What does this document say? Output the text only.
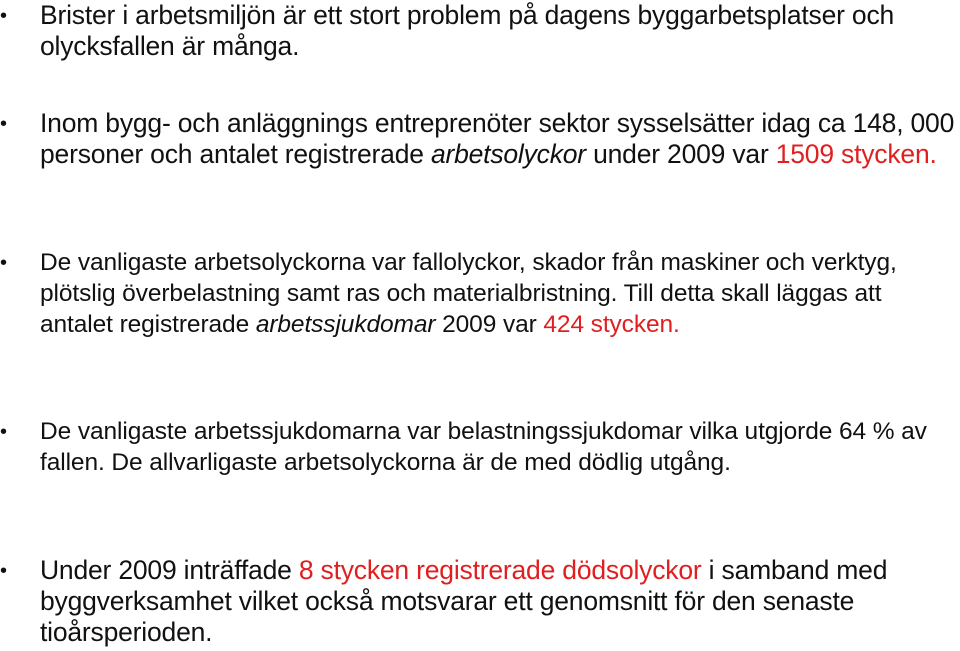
• Brister i arbetsmiljön är ett stort problem på dagens byggarbetsplatser och olycksfallen är många.
• Inom bygg- och anläggnings entreprenöter sektor sysselsätter idag ca 148, 000 personer och antalet registrerade arbetsolyckor under 2009 var 1509 stycken.
• De vanligaste arbetsolyckorna var fallolyckor, skador från maskiner och verktyg, plötslig överbelastning samt ras och materialbristning. Till detta skall läggas att antalet registrerade arbetssjukdomar 2009 var 424 stycken.
• De vanligaste arbetssjukdomarna var belastningssjukdomar vilka utgjorde 64 % av fallen. De allvarligaste arbetsolyckorna är de med dödlig utgång.
• Under 2009 inträffade 8 stycken registrerade dödsolyckor i samband med byggverksamhet vilket också motsvarar ett genomsnitt för den senaste tioårsperioden.
